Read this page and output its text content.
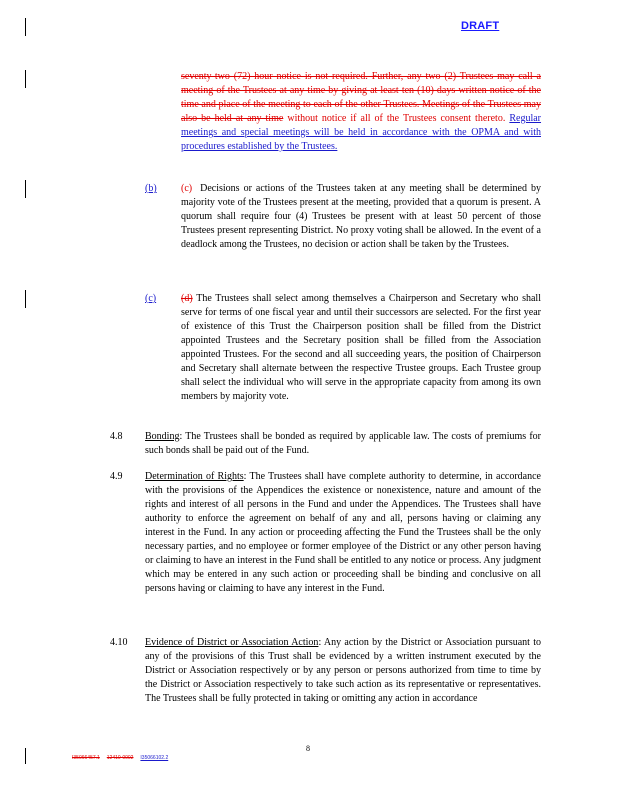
DRAFT

seventy-two (72) hour notice is not required. Further, any two (2) Trustees may call a meeting of the Trustees at any time by giving at least ten (10) days written notice of the time and place of the meeting to each of the other Trustees. Meetings of the Trustees may also be held at any time without notice if all of the Trustees consent thereto. Regular meetings and special meetings will be held in accordance with the OPMA and with procedures established by the Trustees.

(b) (c) Decisions or actions of the Trustees taken at any meeting shall be determined by majority vote of the Trustees present at the meeting, provided that a quorum is present. A quorum shall require four (4) Trustees be present with at least 50 percent of those Trustees present representing District. No proxy voting shall be allowed. In the event of a deadlock among the Trustees, no decision or action shall be taken by the Trustees.

(c) (d) The Trustees shall select among themselves a Chairperson and Secretary who shall serve for terms of one fiscal year and until their successors are selected. For the first year of existence of this Trust the Chairperson position shall be filled from the District appointed Trustees and the Secretary position shall be filled from the Association appointed Trustees. For the second and all succeeding years, the position of Chairperson and Secretary shall alternate between the respective Trustee groups. Each Trustee group shall select the individual who will serve in the appropriate capacity from among its own members by majority vote.

4.8 Bonding: The Trustees shall be bonded as required by applicable law. The costs of premiums for such bonds shall be paid out of the Fund.

4.9 Determination of Rights: The Trustees shall have complete authority to determine, in accordance with the provisions of the Appendices the existence or nonexistence, nature and amount of the rights and interest of all persons in the Fund and under the Appendices. The Trustees shall have authority to enforce the agreement on behalf of any and all, persons having or claiming any interest in the Fund. In any action or proceeding affecting the Fund the Trustees shall be the only necessary parties, and no employee or former employee of the District or any other person having or claiming to have an interest in the Fund shall be entitled to any notice or process. Any judgment which may be entered in any such action or proceeding shall be binding and conclusive on all persons having or claiming to have any interest in the Fund.

4.10 Evidence of District or Association Action: Any action by the District or Association pursuant to any of the provisions of this Trust shall be evidenced by a written instrument executed by the District or Association respectively or by any person or persons authorized from time to time by the District or Association respectively to take such action as its representative or representatives. The Trustees shall be fully protected in taking or omitting any action in accordance

8
I35066457.1 12410-0002 I35066102.2
